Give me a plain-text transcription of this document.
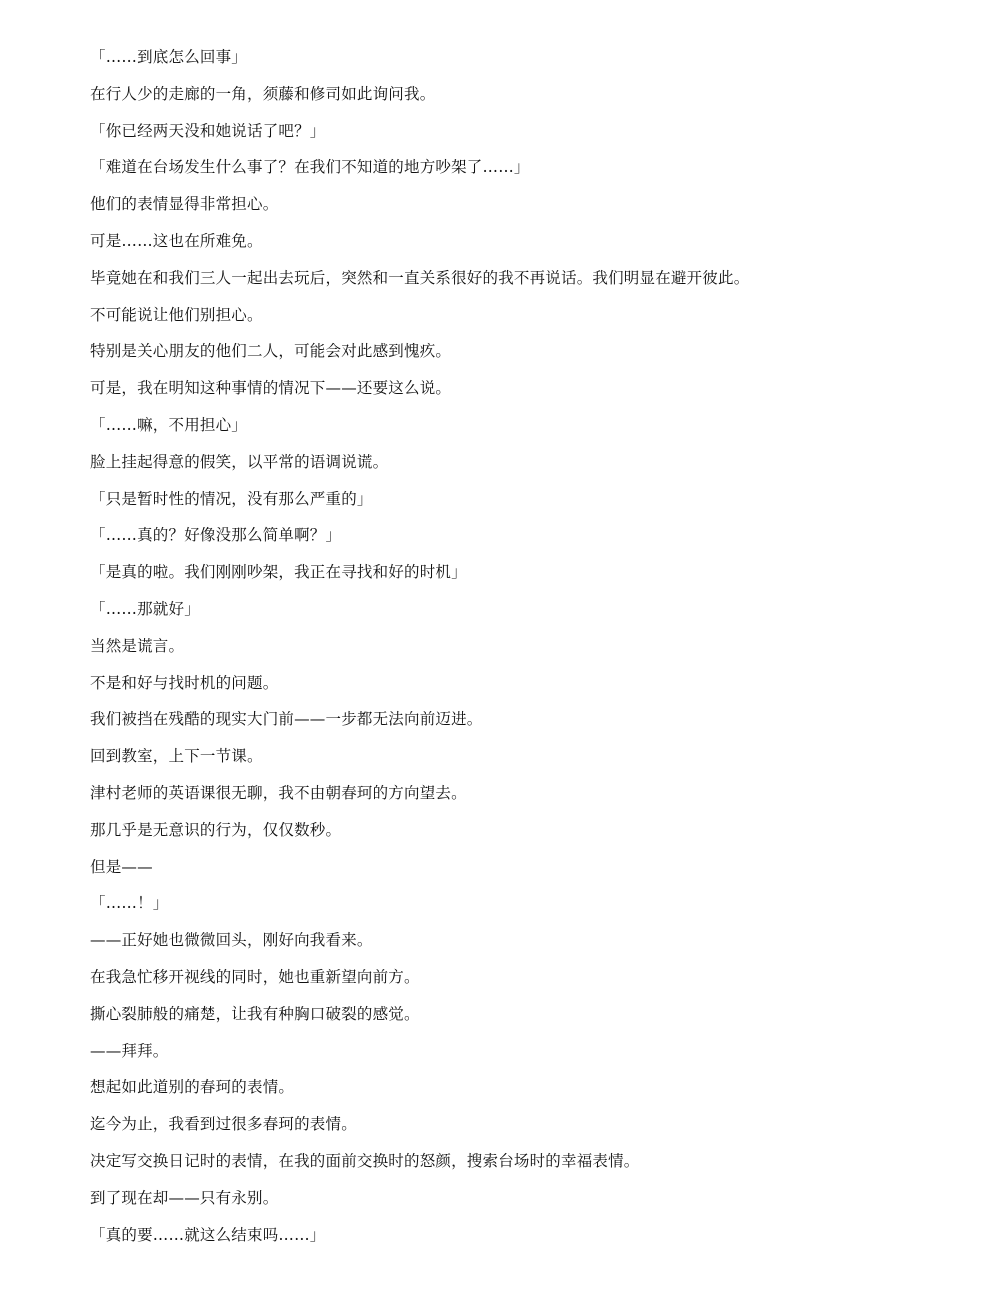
「……到底怎么回事」

在行人少的走廊的一角，须藤和修司如此询问我。

「你已经两天没和她说话了吧？」

「难道在台场发生什么事了？在我们不知道的地方吵架了……」

他们的表情显得非常担心。

可是……这也在所难免。

毕竟她在和我们三人一起出去玩后，突然和一直关系很好的我不再说话。我们明显在避开彼此。

不可能说让他们别担心。

特别是关心朋友的他们二人，可能会对此感到愧疚。

可是，我在明知这种事情的情况下——还要这么说。

「……嘛，不用担心」

脸上挂起得意的假笑，以平常的语调说谎。

「只是暂时性的情况，没有那么严重的」

「……真的？好像没那么简单啊？」

「是真的啦。我们刚刚吵架，我正在寻找和好的时机」

「……那就好」

当然是谎言。

不是和好与找时机的问题。

我们被挡在残酷的现实大门前——一步都无法向前迈进。

回到教室，上下一节课。

津村老师的英语课很无聊，我不由朝春珂的方向望去。

那几乎是无意识的行为，仅仅数秒。

但是——

「……！」

——正好她也微微回头，刚好向我看来。

在我急忙移开视线的同时，她也重新望向前方。

撕心裂肺般的痛楚，让我有种胸口破裂的感觉。

——拜拜。

想起如此道别的春珂的表情。

迄今为止，我看到过很多春珂的表情。

决定写交换日记时的表情，在我的面前交换时的怒颜，搜索台场时的幸福表情。

到了现在却——只有永别。

「真的要……就这么结束吗……」
